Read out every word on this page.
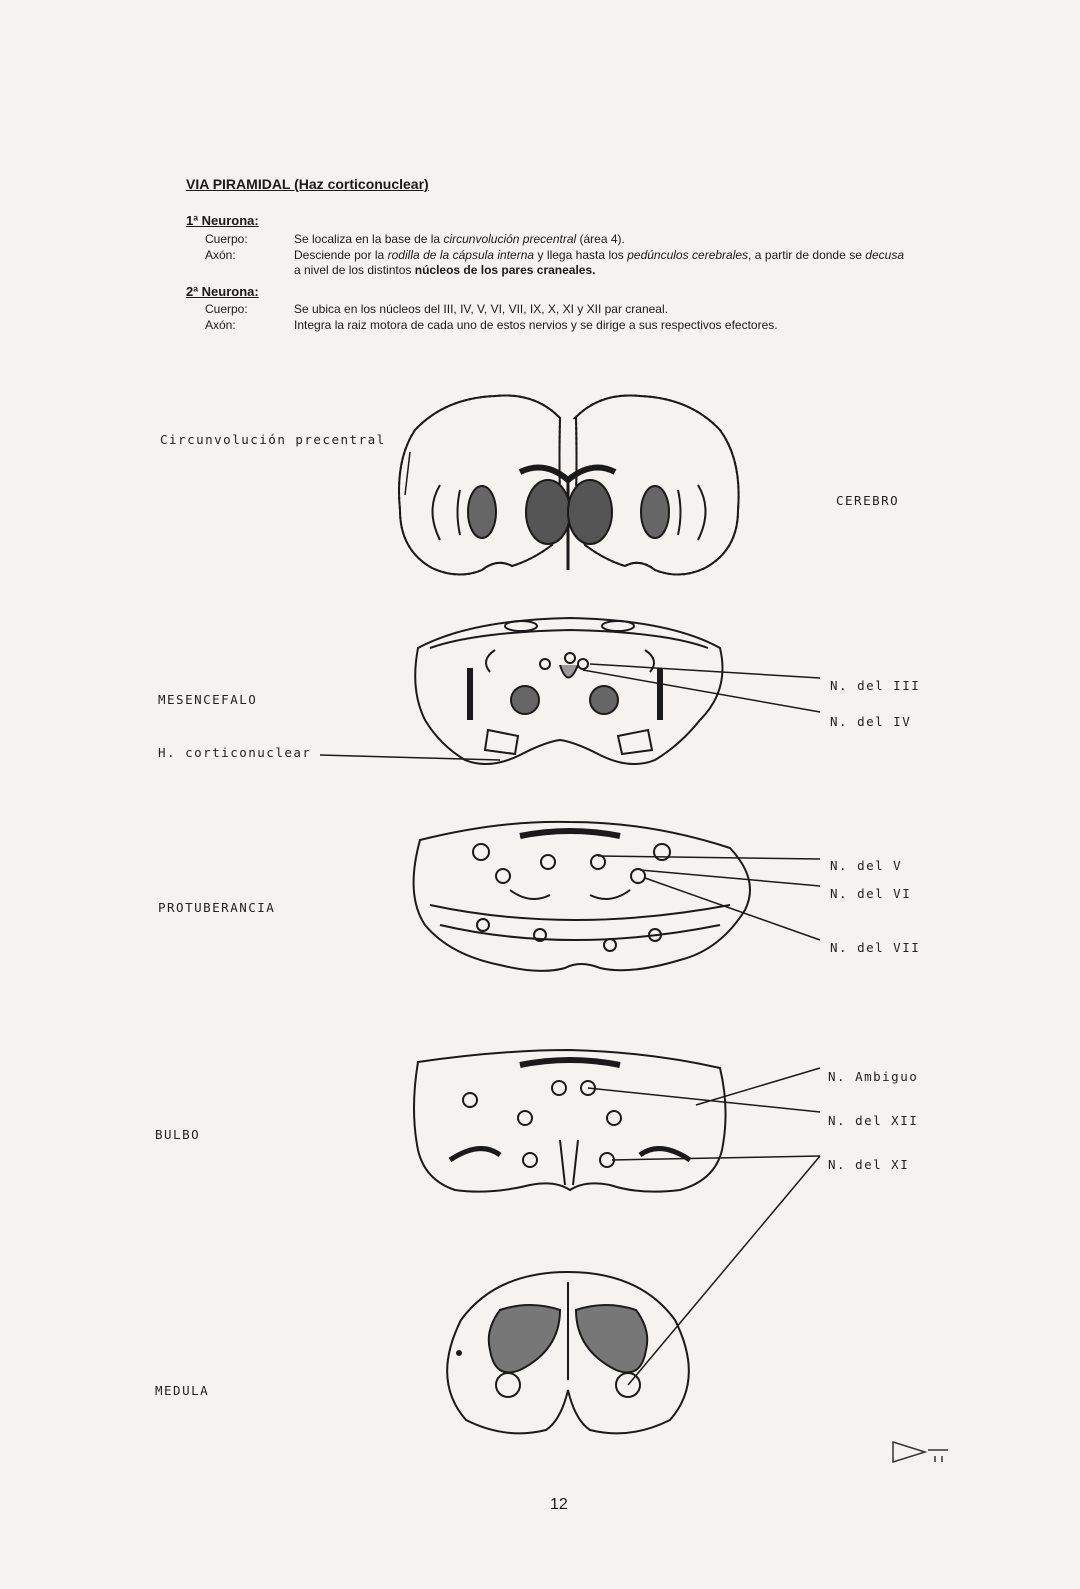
VIA PIRAMIDAL (Haz corticonuclear)
1ª Neurona:
Cuerpo:	Se localiza en la base de la circunvolución precentral (área 4).
Axón:	Desciende por la rodilla de la cápsula interna y llega hasta los pedúnculos cerebrales, a partir de donde se decusa a nivel de los distintos núcleos de los pares craneales.
2ª Neurona:
Cuerpo:	Se ubica en los núcleos del III, IV, V, VI, VII, IX, X, XI y XII par craneal.
Axón:	Integra la raiz motora de cada uno de estos nervios y se dirige a sus respectivos efectores.
Circunvolución precentral
CEREBRO
MESENCEFALO
N. del III
N. del IV
H. corticonuclear
N. del V
N. del VI
PROTUBERANCIA
N. del VII
N. Ambiguo
N. del XII
BULBO
N. del XI
MEDULA
12
